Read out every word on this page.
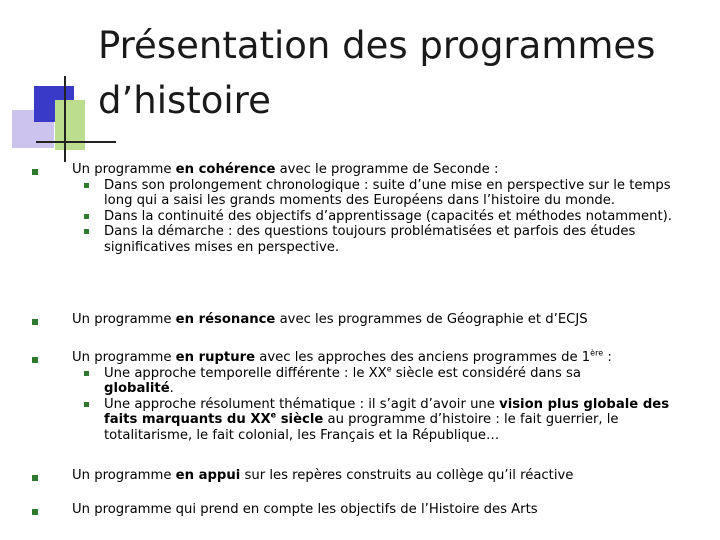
Présentation des programmes
d’histoire
Un programme en cohérence avec le programme de Seconde :
Dans son prolongement chronologique : suite d’une mise en perspective sur le temps long qui a saisi les grands moments des Européens dans l’histoire du monde.
Dans la continuité des objectifs d’apprentissage (capacités et méthodes notamment).
Dans la démarche : des questions toujours problématisées et parfois des études significatives mises en perspective.
Un programme en résonance avec les programmes de Géographie et d’ECJS
Un programme en rupture avec les approches des anciens programmes de 1ère :
Une approche temporelle différente : le XXe siècle est considéré dans sa
globalité.
Une approche résolument thématique : il s’agit d’avoir une vision plus globale des faits marquants du XXe siècle au programme d’histoire : le fait guerrier, le totalitarisme, le fait colonial, les Français et la République…
Un programme en appui sur les repères construits au collège qu’il réactive
Un programme qui prend en compte les objectifs de l’Histoire des Arts
